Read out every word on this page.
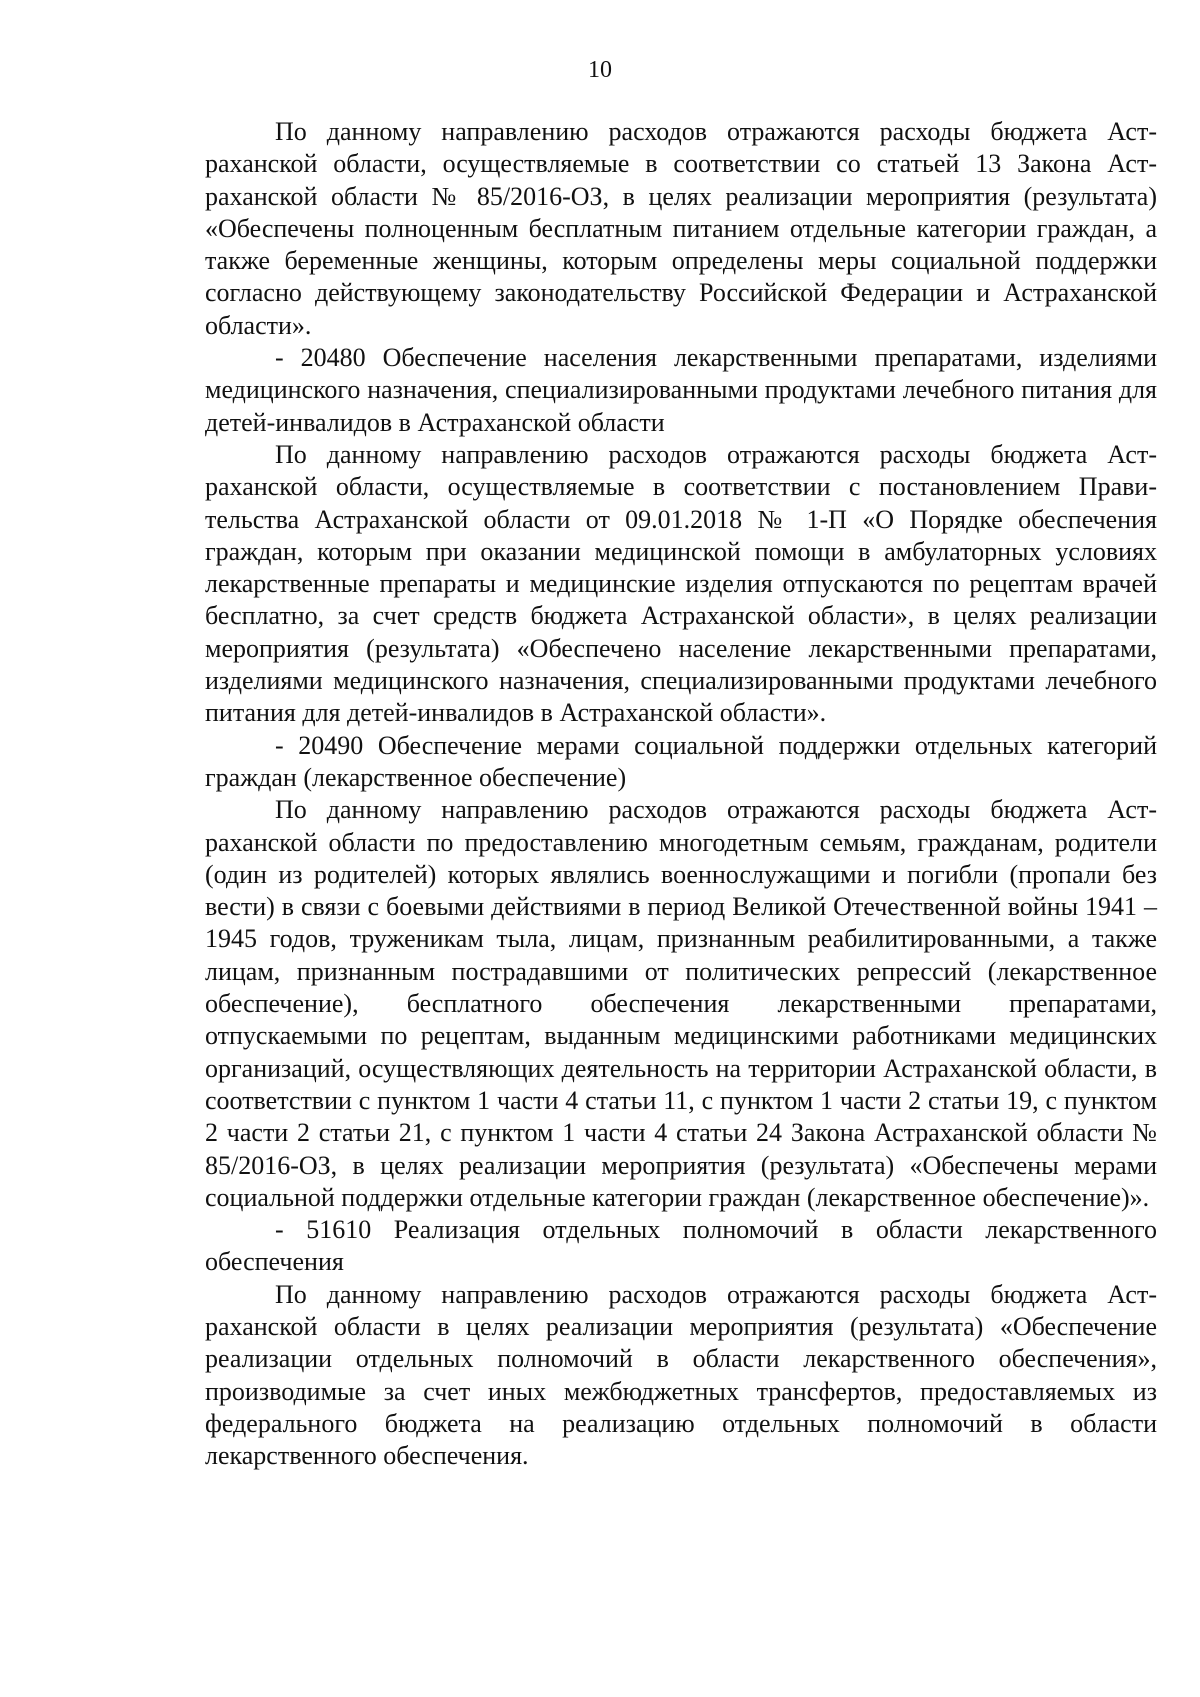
10

По данному направлению расходов отражаются расходы бюджета Астраханской области, осуществляемые в соответствии со статьей 13 Закона Астраханской области № 85/2016-ОЗ, в целях реализации мероприятия (результата) «Обеспечены полноценным бесплатным питанием отдельные категории граждан, а также беременные женщины, которым определены меры социальной поддержки согласно действующему законодательству Российской Федерации и Астраханской области».

- 20480 Обеспечение населения лекарственными препаратами, изделиями медицинского назначения, специализированными продуктами лечебного питания для детей-инвалидов в Астраханской области

По данному направлению расходов отражаются расходы бюджета Астраханской области, осуществляемые в соответствии с постановлением Правительства Астраханской области от 09.01.2018 № 1-П «О Порядке обеспечения граждан, которым при оказании медицинской помощи в амбулаторных условиях лекарственные препараты и медицинские изделия отпускаются по рецептам врачей бесплатно, за счет средств бюджета Астраханской области», в целях реализации мероприятия (результата) «Обеспечено население лекарственными препаратами, изделиями медицинского назначения, специализированными продуктами лечебного питания для детей-инвалидов в Астраханской области».

- 20490 Обеспечение мерами социальной поддержки отдельных категорий граждан (лекарственное обеспечение)

По данному направлению расходов отражаются расходы бюджета Астраханской области по предоставлению многодетным семьям, гражданам, родители (один из родителей) которых являлись военнослужащими и погибли (пропали без вести) в связи с боевыми действиями в период Великой Отечественной войны 1941 – 1945 годов, труженикам тыла, лицам, признанным реабилитированными, а также лицам, признанным пострадавшими от политических репрессий (лекарственное обеспечение), бесплатного обеспечения лекарственными препаратами, отпускаемыми по рецептам, выданным медицинскими работниками медицинских организаций, осуществляющих деятельность на территории Астраханской области, в соответствии с пунктом 1 части 4 статьи 11, с пунктом 1 части 2 статьи 19, с пунктом 2 части 2 статьи 21, с пунктом 1 части 4 статьи 24 Закона Астраханской области № 85/2016-ОЗ, в целях реализации мероприятия (результата) «Обеспечены мерами социальной поддержки отдельные категории граждан (лекарственное обеспечение)».

- 51610 Реализация отдельных полномочий в области лекарственного обеспечения

По данному направлению расходов отражаются расходы бюджета Астраханской области в целях реализации мероприятия (результата) «Обеспечение реализации отдельных полномочий в области лекарственного обеспечения», производимые за счет иных межбюджетных трансфертов, предоставляемых из федерального бюджета на реализацию отдельных полномочий в области лекарственного обеспечения.
